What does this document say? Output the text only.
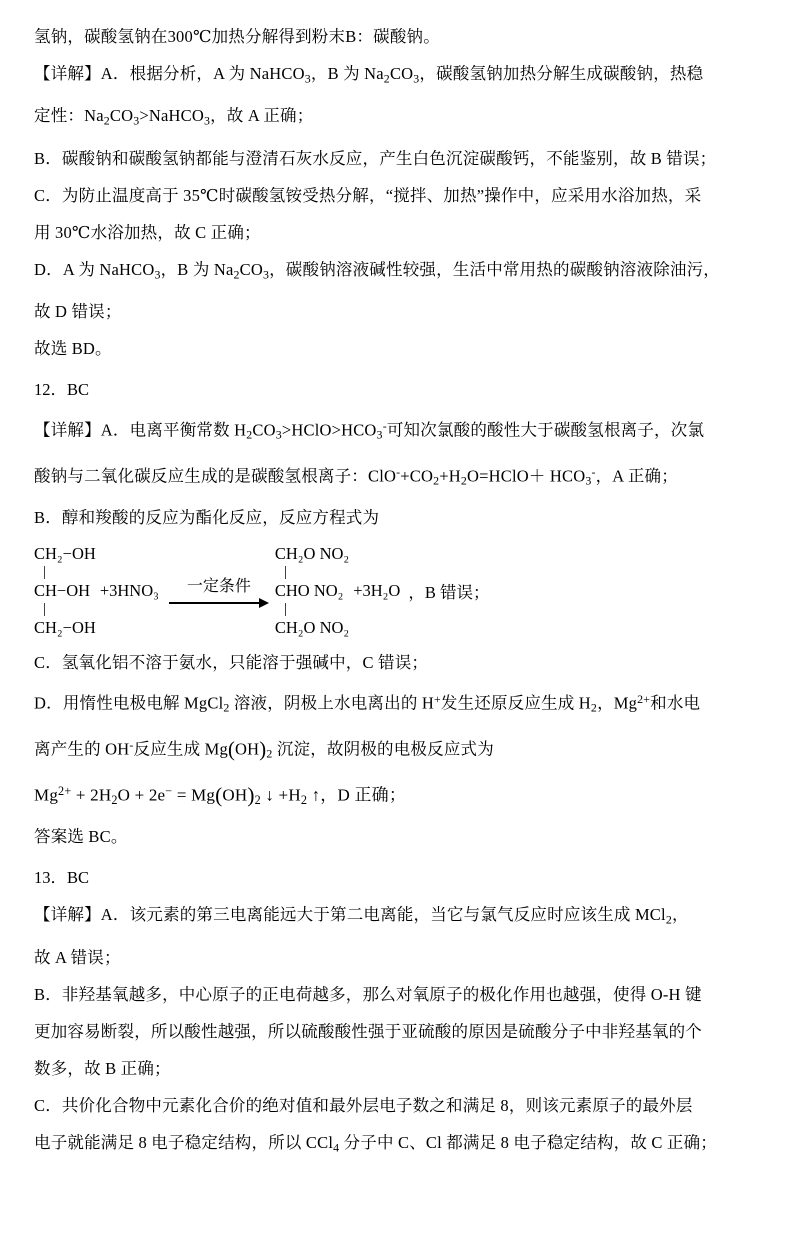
氢钠，碳酸氢钠在300℃加热分解得到粉末B：碳酸钠。
【详解】A．根据分析，A 为 NaHCO$_3$，B 为 $Na_2CO_3$，碳酸氢钠加热分解生成碳酸钠，热稳
定性：$Na_2CO_3>NaHCO_3$，故 A 正确；
B．碳酸钠和碳酸氢钠都能与澄清石灰水反应，产生白色沉淀碳酸钙，不能鉴别，故 B 错误；
C．为防止温度高于 35℃时碳酸氢铵受热分解，“搅拌、加热”操作中，应采用水浴加热，采
用 30℃水浴加热，故 C 正确；
D．A 为 NaHCO$_3$，B 为 $Na_2CO_3$，碳酸钠溶液碱性较强，生活中常用热的碳酸钠溶液除油污，
故 D 错误；
故选 BD。
12．BC
【详解】A．电离平衡常数 $H_2CO_3>HClO>HCO_3^-$可知次氯酸的酸性大于碳酸氢根离子，次氯
酸钠与二氧化碳反应生成的是碳酸氢根离子：$ClO^-+CO_2+H_2O=HClO+ HCO_3^-$，A 正确；
B．醇和羧酸的反应为酯化反应，反应方程式为
CH₂−OH
|
CH−OH
|
CH₂−OH
+3HNO₃	一定条件
CH₂O NO₂
|
CHO NO₂
|
CH₂O NO₂
+3H₂O ，B 错误；
C．氢氧化铝不溶于氨水，只能溶于强碱中，C 错误；
D．用惰性电极电解 MgCl$_2$ 溶液，阴极上水电离出的 H+发生还原反应生成 $H_2$，$Mg^{2+}$和水电
离产生的 OH-反应生成 $Mg(OH)_2$ 沉淀，故阴极的电极反应式为
$Mg^{2+} + 2H_2O + 2e^- = Mg(OH)_2$ ↓ $+H_2$ ↑，D 正确；
答案选 BC。
13．BC
【详解】A．该元素的第三电离能远大于第二电离能，当它与氯气反应时应该生成 MCl$_2$，
故 A 错误；
B．非羟基氧越多，中心原子的正电荷越多，那么对氧原子的极化作用也越强，使得 O-H 键
更加容易断裂，所以酸性越强，所以硫酸酸性强于亚硫酸的原因是硫酸分子中非羟基氧的个
数多，故 B 正确；
C．共价化合物中元素化合价的绝对值和最外层电子数之和满足 8，则该元素原子的最外层
电子就能满足 8 电子稳定结构，所以 CCl$_4$ 分子中 C、Cl 都满足 8 电子稳定结构，故 C 正确；
